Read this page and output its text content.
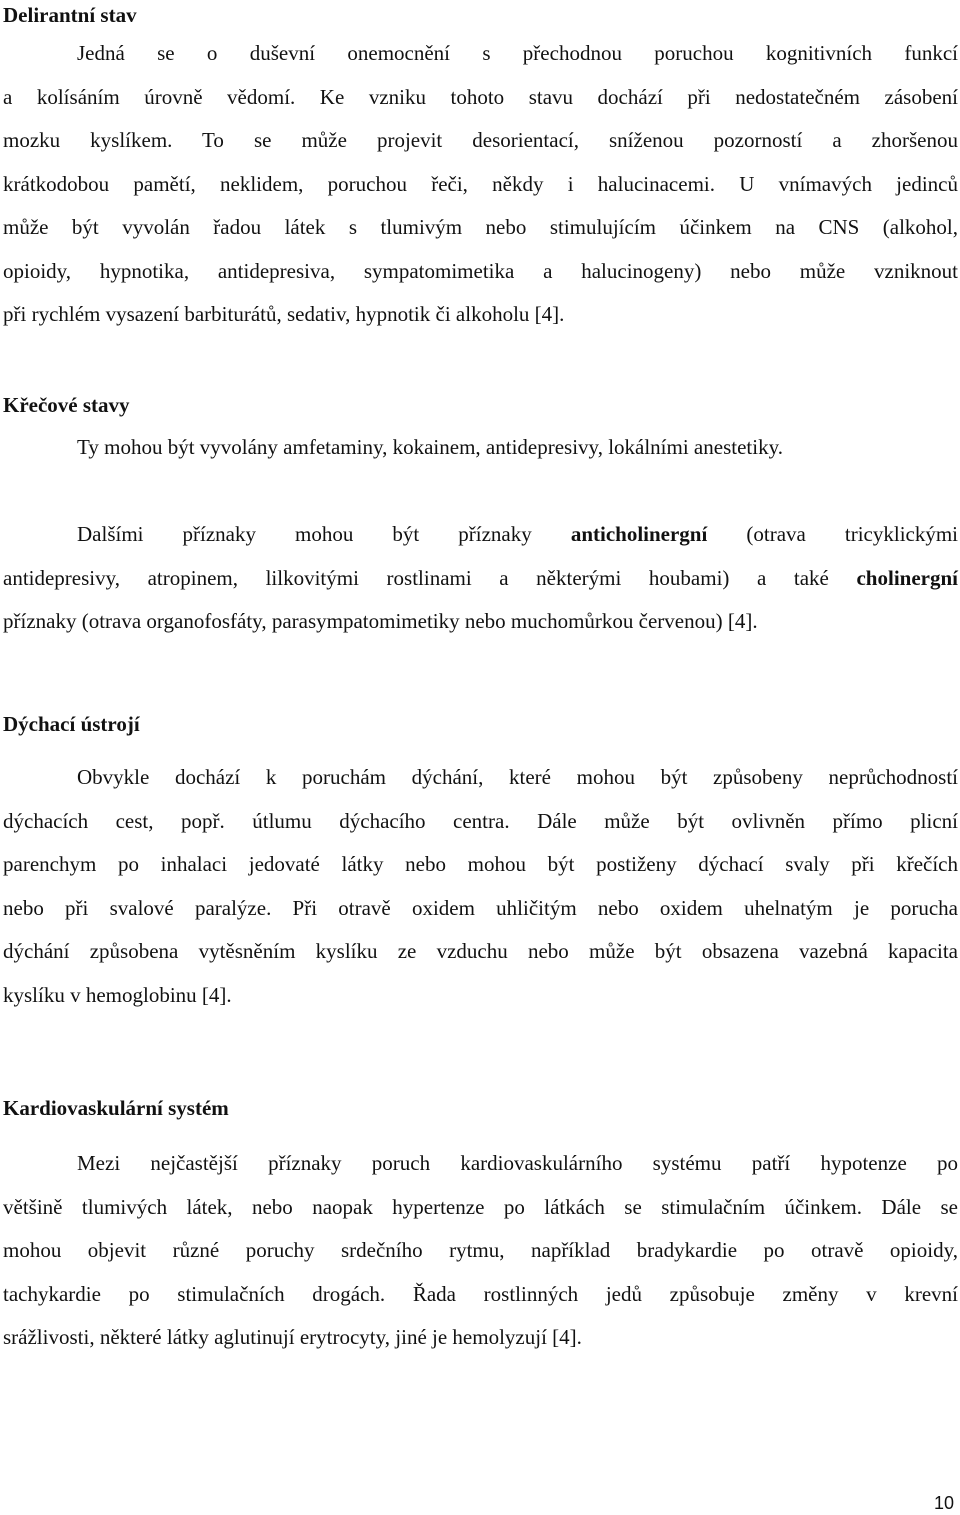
Delirantní stav
Jedná se o duševní onemocnění s přechodnou poruchou kognitivních funkcí
a kolísáním úrovně vědomí. Ke vzniku tohoto stavu dochází při nedostatečném zásobení
mozku kyslíkem. To se může projevit desorientací, sníženou pozorností a zhoršenou
krátkodobou pamětí, neklidem, poruchou řeči, někdy i halucinacemi. U vnímavých jedinců
může být vyvolán řadou látek s tlumivým nebo stimulujícím účinkem na CNS (alkohol,
opioidy, hypnotika, antidepresiva, sympatomimetika a halucinogeny) nebo může vzniknout
při rychlém vysazení barbiturátů, sedativ, hypnotik či alkoholu [4].
Křečové stavy
Ty mohou být vyvolány amfetaminy, kokainem, antidepresivy, lokálními anestetiky.
Dalšími příznaky mohou být příznaky anticholinergní (otrava tricyklickými
antidepresivy, atropinem, lilkovitými rostlinami a některými houbami) a také cholinergní
příznaky (otrava organofosfáty, parasympatomimetiky nebo muchomůrkou červenou) [4].
Dýchací ústrojí
Obvykle dochází k poruchám dýchání, které mohou být způsobeny neprůchodností
dýchacích cest, popř. útlumu dýchacího centra. Dále může být ovlivněn přímo plicní
parenchym po inhalaci jedovaté látky nebo mohou být postiženy dýchací svaly při křečích
nebo při svalové paralýze. Při otravě oxidem uhličitým nebo oxidem uhelnatým je porucha
dýchání způsobena vytěsněním kyslíku ze vzduchu nebo může být obsazena vazebná kapacita
kyslíku v hemoglobinu [4].
Kardiovaskulární systém
Mezi nejčastější příznaky poruch kardiovaskulárního systému patří hypotenze po
většině tlumivých látek, nebo naopak hypertenze po látkách se stimulačním účinkem. Dále se
mohou objevit různé poruchy srdečního rytmu, například bradykardie po otravě opioidy,
tachykardie po stimulačních drogách. Řada rostlinných jedů způsobuje změny v krevní
srážlivosti, některé látky aglutinují erytrocyty, jiné je hemolyzují [4].
10
